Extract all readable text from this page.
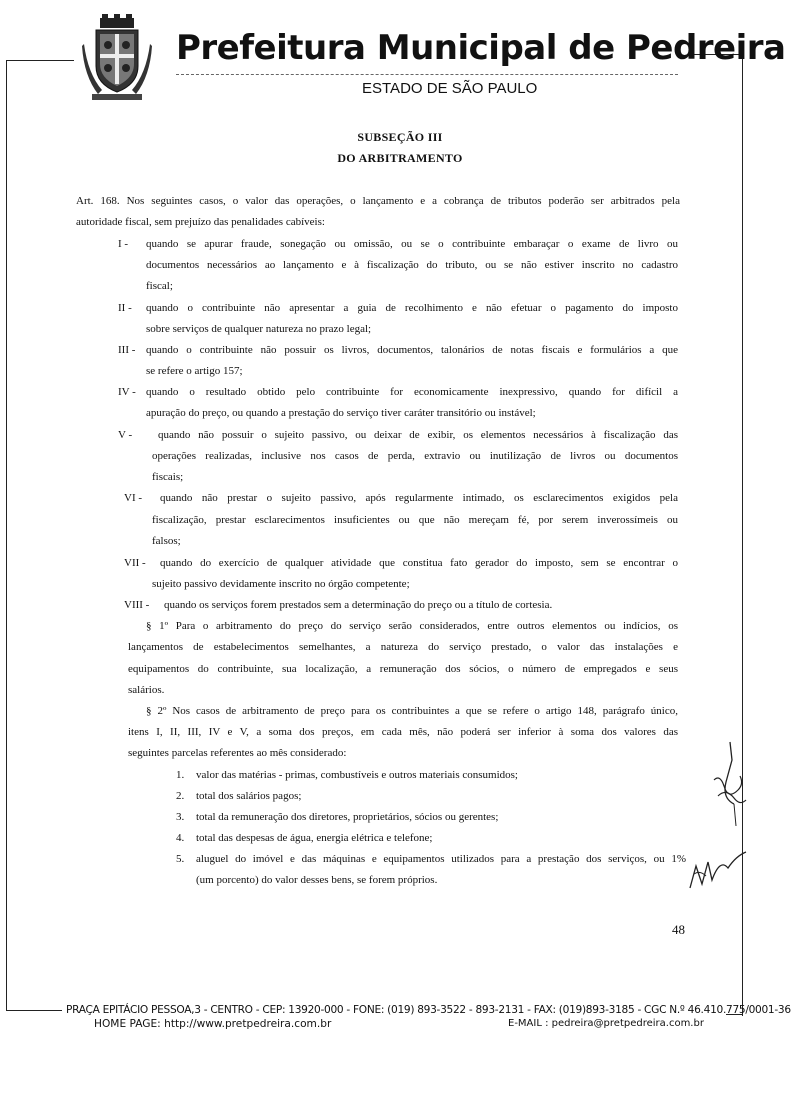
Prefeitura Municipal de Pedreira
ESTADO DE SÃO PAULO
SUBSEÇÃO III
DO ARBITRAMENTO
Art. 168. Nos seguintes casos, o valor das operações, o lançamento e a cobrança de tributos poderão ser arbitrados pela
autoridade fiscal, sem prejuízo das penalidades cabíveis:
I - quando se apurar fraude, sonegação ou omissão, ou se o contribuinte embaraçar o exame de livro ou
documentos necessários ao lançamento e à fiscalização do tributo, ou se não estiver inscrito no cadastro
fiscal;
II - quando o contribuinte não apresentar a guia de recolhimento e não efetuar o pagamento do imposto
sobre serviços de qualquer natureza no prazo legal;
III - quando o contribuinte não possuir os livros, documentos, talonários de notas fiscais e formulários a que
se refere o artigo 157;
IV - quando o resultado obtido pelo contribuinte for economicamente inexpressivo, quando for difícil a
apuração do preço, ou quando a prestação do serviço tiver caráter transitório ou instável;
V - quando não possuir o sujeito passivo, ou deixar de exibir, os elementos necessários à fiscalização das
operações realizadas, inclusive nos casos de perda, extravio ou inutilização de livros ou documentos
fiscais;
VI - quando não prestar o sujeito passivo, após regularmente intimado, os esclarecimentos exigidos pela
fiscalização, prestar esclarecimentos insuficientes ou que não mereçam fé, por serem inverossímeis ou
falsos;
VII - quando do exercício de qualquer atividade que constitua fato gerador do imposto, sem se encontrar o
sujeito passivo devidamente inscrito no órgão competente;
VIII - quando os serviços forem prestados sem a determinação do preço ou a título de cortesia.
§ 1º Para o arbitramento do preço do serviço serão considerados, entre outros elementos ou indícios, os
lançamentos de estabelecimentos semelhantes, a natureza do serviço prestado, o valor das instalações e
equipamentos do contribuinte, sua localização, a remuneração dos sócios, o número de empregados e seus
salários.
§ 2º Nos casos de arbitramento de preço para os contribuintes a que se refere o artigo 148, parágrafo único,
itens I, II, III, IV e V, a soma dos preços, em cada mês, não poderá ser inferior à soma dos valores das
seguintes parcelas referentes ao mês considerado:
1. valor das matérias - primas, combustíveis e outros materiais consumidos;
2. total dos salários pagos;
3. total da remuneração dos diretores, proprietários, sócios ou gerentes;
4. total das despesas de água, energia elétrica e telefone;
5. aluguel do imóvel e das máquinas e equipamentos utilizados para a prestação dos serviços, ou 1%
(um porcento) do valor desses bens, se forem próprios.
48
PRAÇA EPITÁCIO PESSOA,3 - CENTRO - CEP: 13920-000 - FONE: (019) 893-3522 - 893-2131 - FAX: (019)893-3185 - CGC N.º 46.410.775/0001-36
HOME PAGE: http://www.pretpedreira.com.br	E-MAIL : pedreira@pretpedreira.com.br
